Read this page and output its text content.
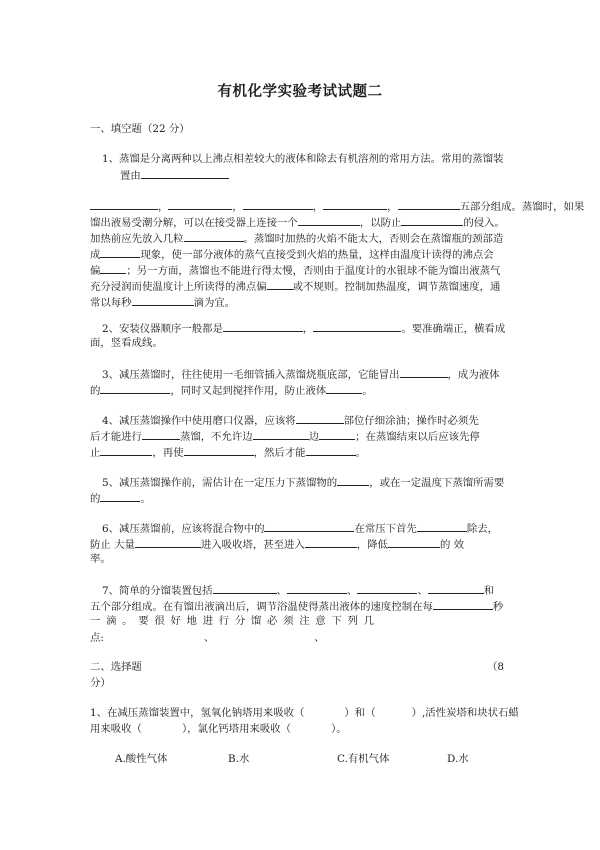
有机化学实验考试试题二
一、填空题（22 分）
1、蒸馏是分离两种以上沸点相差较大的液体和除去有机溶剂的常用方法。常用的蒸馏装
置由
，	，	，	，	五部分组成。蒸馏时，如果
馏出液易受潮分解，可以在接受器上连接一个	，以防止	的侵入。
加热前应先放入几粒	。蒸馏时加热的火焰不能太大，否则会在蒸馏瓶的颈部造
成	现象，使一部分液体的蒸气直接受到火焰的热量，这样由温度计读得的沸点会
偏	；另一方面，蒸馏也不能进行得太慢，否则由于温度计的水银球不能为馏出液蒸气
充分浸润而使温度计上所读得的沸点偏	或不规则。控制加热温度，调节蒸馏速度，通
常以每秒	滴为宜。
2、安装仪器顺序一般都是	，	。要准确端正，横看成
面，竖看成线。
3、减压蒸馏时，往往使用一毛细管插入蒸馏烧瓶底部，它能冒出	，成为液体
的	，同时又起到搅拌作用，防止液体	。
4、减压蒸馏操作中使用磨口仪器，应该将	部位仔细涂油；操作时必须先
后才能进行	蒸馏，不允许边	边	；在蒸馏结束以后应该先停
止	，再使	，然后才能	。
5、减压蒸馏操作前，需估计在一定压力下蒸馏物的	，或在一定温度下蒸馏所需要
的	。
6、减压蒸馏前，应该将混合物中的	在常压下首先	除去，
防止 大量	进入吸收塔，甚至进入	，降低	的 效
率。
7、简单的分馏装置包括	、	、	、	和
五个部分组成。在有馏出液滴出后，调节浴温使得蒸出液体的速度控制在每	秒
一 滴 。 要 很 好 地 进 行 分 馏 必 须 注 意 下 列 几
点:	、	、
二、选择题	（8
分）
1、在减压蒸馏装置中，氢氧化钠塔用来吸收（	）和（	）,活性炭塔和块状石蜡
用来吸收（	），氯化钙塔用来吸收（	）。
A.酸性气体	B.水	C.有机气体	D.水
